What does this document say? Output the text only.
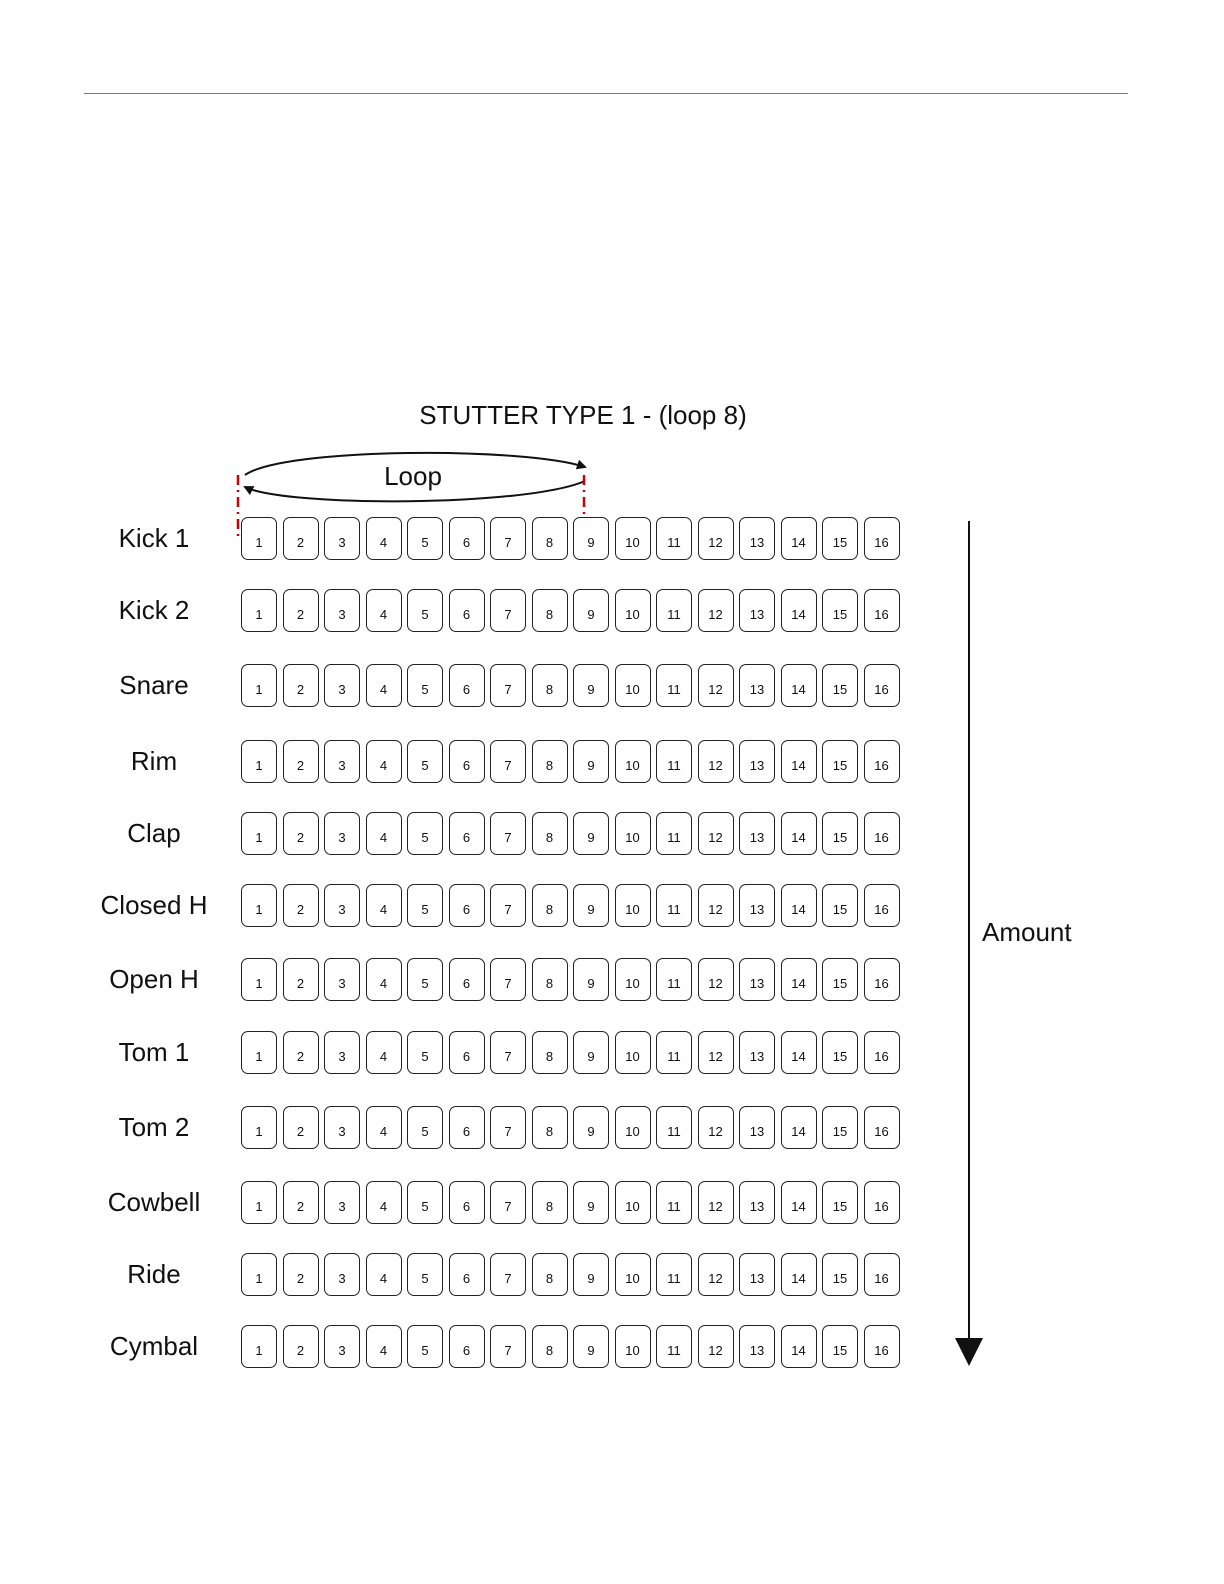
STUTTER TYPE 1 - (loop 8)
Loop
Kick 1	1	2	3	4	5	6	7	8	9	10	11	12	13	14	15	16
Kick 2	1	2	3	4	5	6	7	8	9	10	11	12	13	14	15	16
Snare	1	2	3	4	5	6	7	8	9	10	11	12	13	14	15	16
Rim	1	2	3	4	5	6	7	8	9	10	11	12	13	14	15	16
Clap	1	2	3	4	5	6	7	8	9	10	11	12	13	14	15	16
Closed H	1	2	3	4	5	6	7	8	9	10	11	12	13	14	15	16
Open H	1	2	3	4	5	6	7	8	9	10	11	12	13	14	15	16
Tom 1	1	2	3	4	5	6	7	8	9	10	11	12	13	14	15	16
Tom 2	1	2	3	4	5	6	7	8	9	10	11	12	13	14	15	16
Cowbell	1	2	3	4	5	6	7	8	9	10	11	12	13	14	15	16
Ride	1	2	3	4	5	6	7	8	9	10	11	12	13	14	15	16
Cymbal	1	2	3	4	5	6	7	8	9	10	11	12	13	14	15	16
Amount
